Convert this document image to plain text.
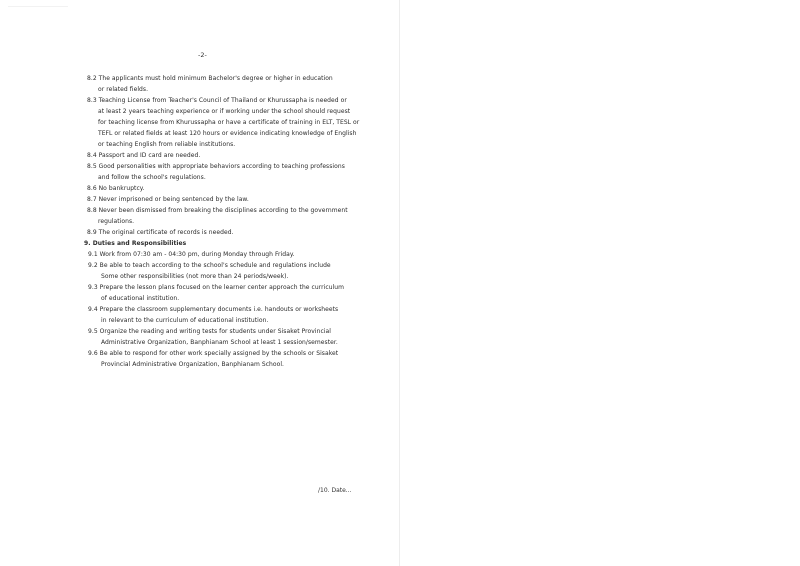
-2-
8.2 The applicants must hold minimum Bachelor's degree or higher in education
or related fields.
8.3 Teaching License from Teacher's Council of Thailand or Khurussapha is needed or
at least 2 years teaching experience or if working under the school should request
for teaching license from Khurussapha or have a certificate of training in ELT, TESL or
TEFL or related fields at least 120 hours or evidence indicating knowledge of English
or teaching English from reliable institutions.
8.4 Passport and ID card are needed.
8.5 Good personalities with appropriate behaviors according to teaching professions
and follow the school's regulations.
8.6 No bankruptcy.
8.7 Never imprisoned or being sentenced by the law.
8.8 Never been dismissed from breaking the disciplines according to the government
regulations.
8.9 The original certificate of records is needed.
9. Duties and Responsibilities
9.1 Work from 07:30 am - 04:30 pm, during Monday through Friday.
9.2 Be able to teach according to the school's schedule and regulations include
Some other responsibilities (not more than 24 periods/week).
9.3 Prepare the lesson plans focused on the learner center approach the curriculum
of educational institution.
9.4 Prepare the classroom supplementary documents i.e. handouts or worksheets
in relevant to the curriculum of educational institution.
9.5 Organize the reading and writing tests for students under Sisaket Provincial
Administrative Organization, Banphianam School at least 1 session/semester.
9.6 Be able to respond for other work specially assigned by the schools or Sisaket
Provincial Administrative Organization, Banphianam School.
/10. Date...
